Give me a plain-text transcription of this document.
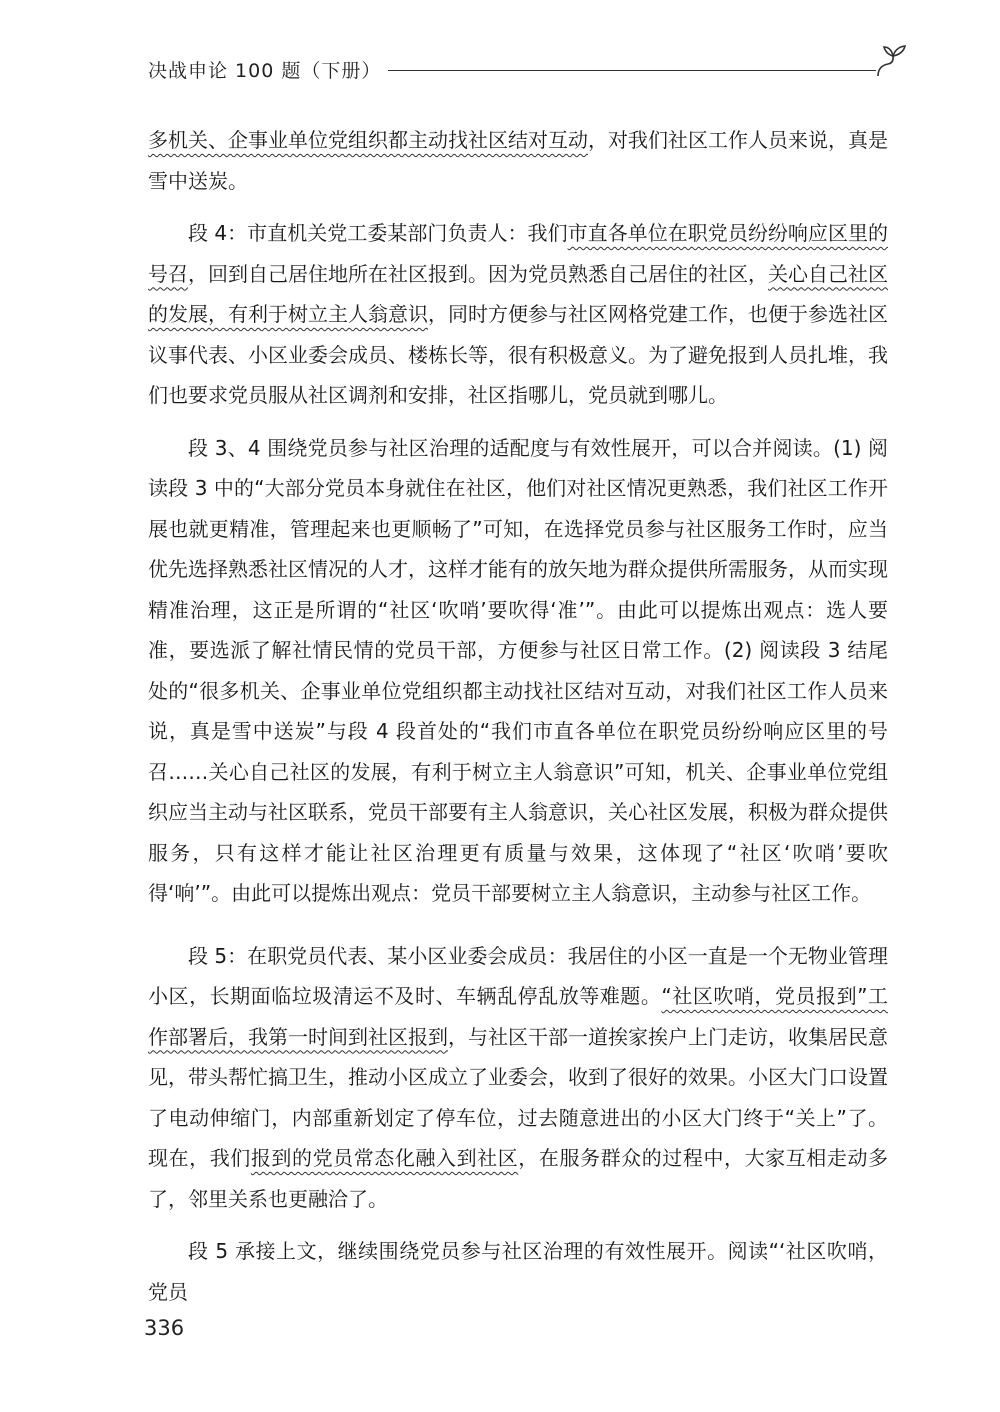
决战申论 100 题（下册）

多机关、企事业单位党组织都主动找社区结对互动，对我们社区工作人员来说，真是雪中送炭。

段 4：市直机关党工委某部门负责人：我们市直各单位在职党员纷纷响应区里的号召，回到自己居住地所在社区报到。因为党员熟悉自己居住的社区，关心自己社区的发展，有利于树立主人翁意识，同时方便参与社区网格党建工作，也便于参选社区议事代表、小区业委会成员、楼栋长等，很有积极意义。为了避免报到人员扎堆，我们也要求党员服从社区调剂和安排，社区指哪儿，党员就到哪儿。

段 3、4 围绕党员参与社区治理的适配度与有效性展开，可以合并阅读。(1) 阅读段 3 中的“大部分党员本身就住在社区，他们对社区情况更熟悉，我们社区工作开展也就更精准，管理起来也更顺畅了”可知，在选择党员参与社区服务工作时，应当优先选择熟悉社区情况的人才，这样才能有的放矢地为群众提供所需服务，从而实现精准治理，这正是所谓的“社区‘吹哨’要吹得‘准’”。由此可以提炼出观点：选人要准，要选派了解社情民情的党员干部，方便参与社区日常工作。(2) 阅读段 3 结尾处的“很多机关、企事业单位党组织都主动找社区结对互动，对我们社区工作人员来说，真是雪中送炭”与段 4 段首处的“我们市直各单位在职党员纷纷响应区里的号召……关心自己社区的发展，有利于树立主人翁意识”可知，机关、企事业单位党组织应当主动与社区联系，党员干部要有主人翁意识，关心社区发展，积极为群众提供服务，只有这样才能让社区治理更有质量与效果，这体现了“社区‘吹哨’要吹得‘响’”。由此可以提炼出观点：党员干部要树立主人翁意识，主动参与社区工作。

段 5：在职党员代表、某小区业委会成员：我居住的小区一直是一个无物业管理小区，长期面临垃圾清运不及时、车辆乱停乱放等难题。“社区吹哨，党员报到”工作部署后，我第一时间到社区报到，与社区干部一道挨家挨户上门走访，收集居民意见，带头帮忙搞卫生，推动小区成立了业委会，收到了很好的效果。小区大门口设置了电动伸缩门，内部重新划定了停车位，过去随意进出的小区大门终于“关上”了。现在，我们报到的党员常态化融入到社区，在服务群众的过程中，大家互相走动多了，邻里关系也更融洽了。

段 5 承接上文，继续围绕党员参与社区治理的有效性展开。阅读“‘社区吹哨，党员

336
